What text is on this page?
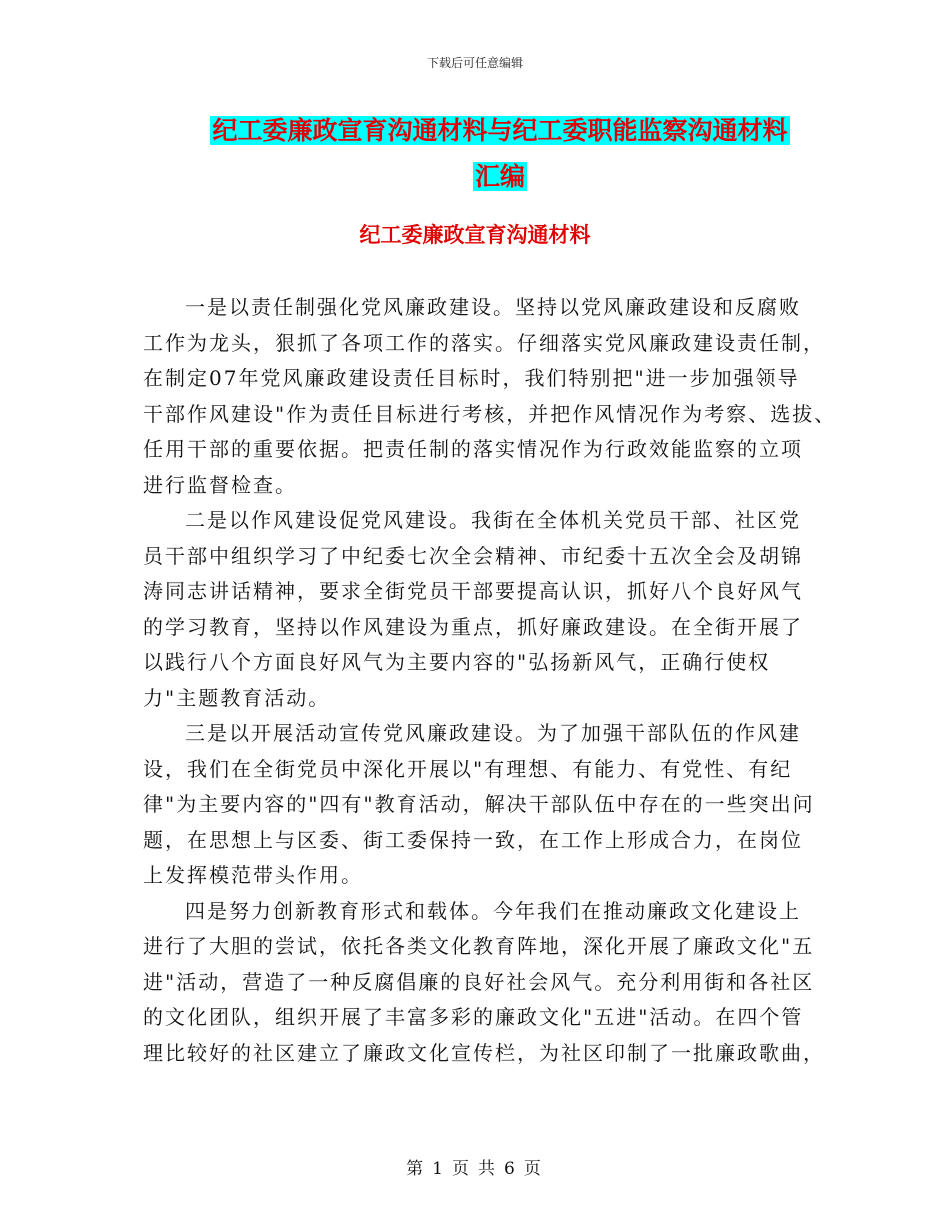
下载后可任意编辑
纪工委廉政宣育沟通材料与纪工委职能监察沟通材料
汇编
纪工委廉政宣育沟通材料
一是以责任制强化党风廉政建设。坚持以党风廉政建设和反腐败
工作为龙头，狠抓了各项工作的落实。仔细落实党风廉政建设责任制，
在制定07年党风廉政建设责任目标时，我们特别把"进一步加强领导
干部作风建设"作为责任目标进行考核，并把作风情况作为考察、选拔、
任用干部的重要依据。把责任制的落实情况作为行政效能监察的立项
进行监督检查。
二是以作风建设促党风建设。我街在全体机关党员干部、社区党
员干部中组织学习了中纪委七次全会精神、市纪委十五次全会及胡锦
涛同志讲话精神，要求全街党员干部要提高认识，抓好八个良好风气
的学习教育，坚持以作风建设为重点，抓好廉政建设。在全街开展了
以践行八个方面良好风气为主要内容的"弘扬新风气，正确行使权
力"主题教育活动。
三是以开展活动宣传党风廉政建设。为了加强干部队伍的作风建
设，我们在全街党员中深化开展以"有理想、有能力、有党性、有纪
律"为主要内容的"四有"教育活动，解决干部队伍中存在的一些突出问
题，在思想上与区委、街工委保持一致，在工作上形成合力，在岗位
上发挥模范带头作用。
四是努力创新教育形式和载体。今年我们在推动廉政文化建设上
进行了大胆的尝试，依托各类文化教育阵地，深化开展了廉政文化"五
进"活动，营造了一种反腐倡廉的良好社会风气。充分利用街和各社区
的文化团队，组织开展了丰富多彩的廉政文化"五进"活动。在四个管
理比较好的社区建立了廉政文化宣传栏，为社区印制了一批廉政歌曲，
第 1 页 共 6 页
